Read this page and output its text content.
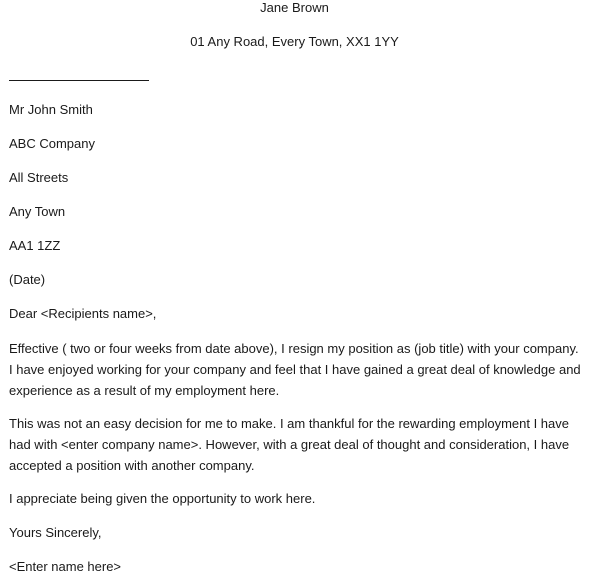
Jane Brown
01 Any Road, Every Town, XX1 1YY
Mr John Smith
ABC Company
All Streets
Any Town
AA1 1ZZ
(Date)
Dear <Recipients name>,

Effective ( two or four weeks from date above), I resign my position as (job title) with your company. I have enjoyed working for your company and feel that I have gained a great deal of knowledge and experience as a result of my employment here.

This was not an easy decision for me to make. I am thankful for the rewarding employment I have had with <enter company name>. However, with a great deal of thought and consideration, I have accepted a position with another company.

I appreciate being given the opportunity to work here.
Yours Sincerely,
<Enter name here>
